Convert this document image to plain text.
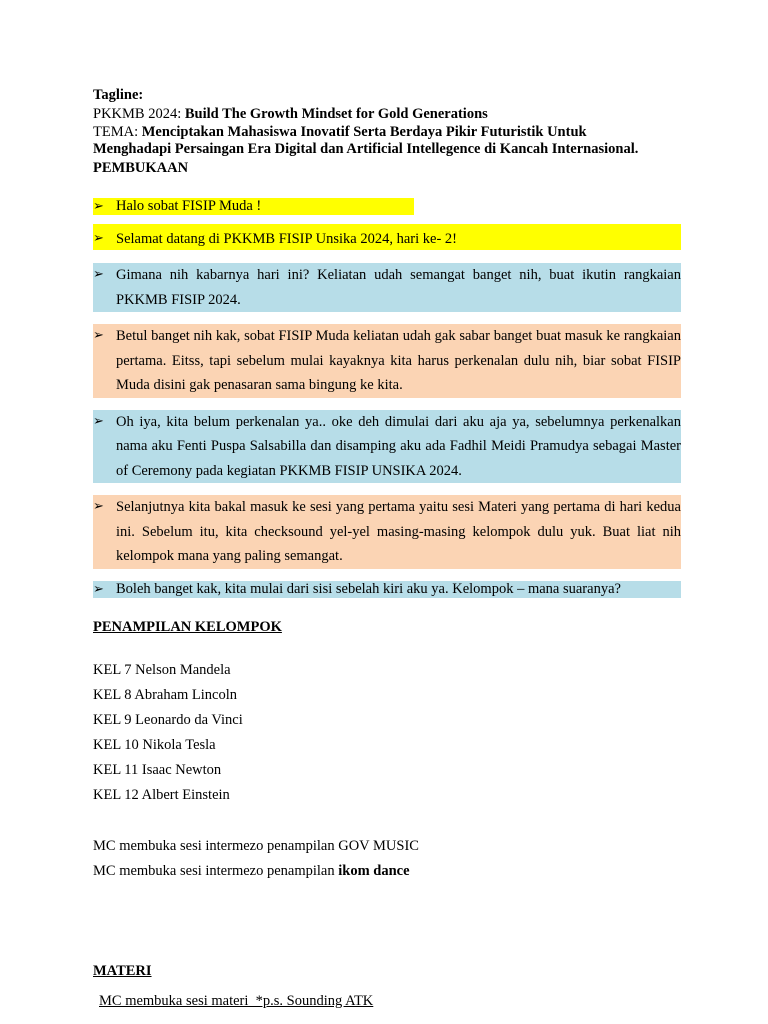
Tagline:
PKKMB 2024: Build The Growth Mindset for Gold Generations
TEMA: Menciptakan Mahasiswa Inovatif Serta Berdaya Pikir Futuristik Untuk
Menghadapi Persaingan Era Digital dan Artificial Intellegence di Kancah Internasional.
PEMBUKAAN
➢ Halo sobat FISIP Muda !
➢ Selamat datang di PKKMB FISIP Unsika 2024, hari ke- 2!
➢ Gimana nih kabarnya hari ini? Keliatan udah semangat banget nih, buat ikutin rangkaian PKKMB FISIP 2024.
➢ Betul banget nih kak, sobat FISIP Muda keliatan udah gak sabar banget buat masuk ke rangkaian pertama. Eitss, tapi sebelum mulai kayaknya kita harus perkenalan dulu nih, biar sobat FISIP Muda disini gak penasaran sama bingung ke kita.
➢ Oh iya, kita belum perkenalan ya.. oke deh dimulai dari aku aja ya, sebelumnya perkenalkan nama aku Fenti Puspa Salsabilla dan disamping aku ada Fadhil Meidi Pramudya sebagai Master of Ceremony pada kegiatan PKKMB FISIP UNSIKA 2024.
➢ Selanjutnya kita bakal masuk ke sesi yang pertama yaitu sesi Materi yang pertama di hari kedua ini. Sebelum itu, kita checksound yel-yel masing-masing kelompok dulu yuk. Buat liat nih kelompok mana yang paling semangat.
➢ Boleh banget kak, kita mulai dari sisi sebelah kiri aku ya. Kelompok – mana suaranya?
PENAMPILAN KELOMPOK
KEL 7 Nelson Mandela
KEL 8 Abraham Lincoln
KEL 9 Leonardo da Vinci
KEL 10 Nikola Tesla
KEL 11 Isaac Newton
KEL 12 Albert Einstein
MC membuka sesi intermezo penampilan GOV MUSIC
MC membuka sesi intermezo penampilan ikom dance
MATERI
MC membuka sesi materi  *p.s. Sounding ATK
